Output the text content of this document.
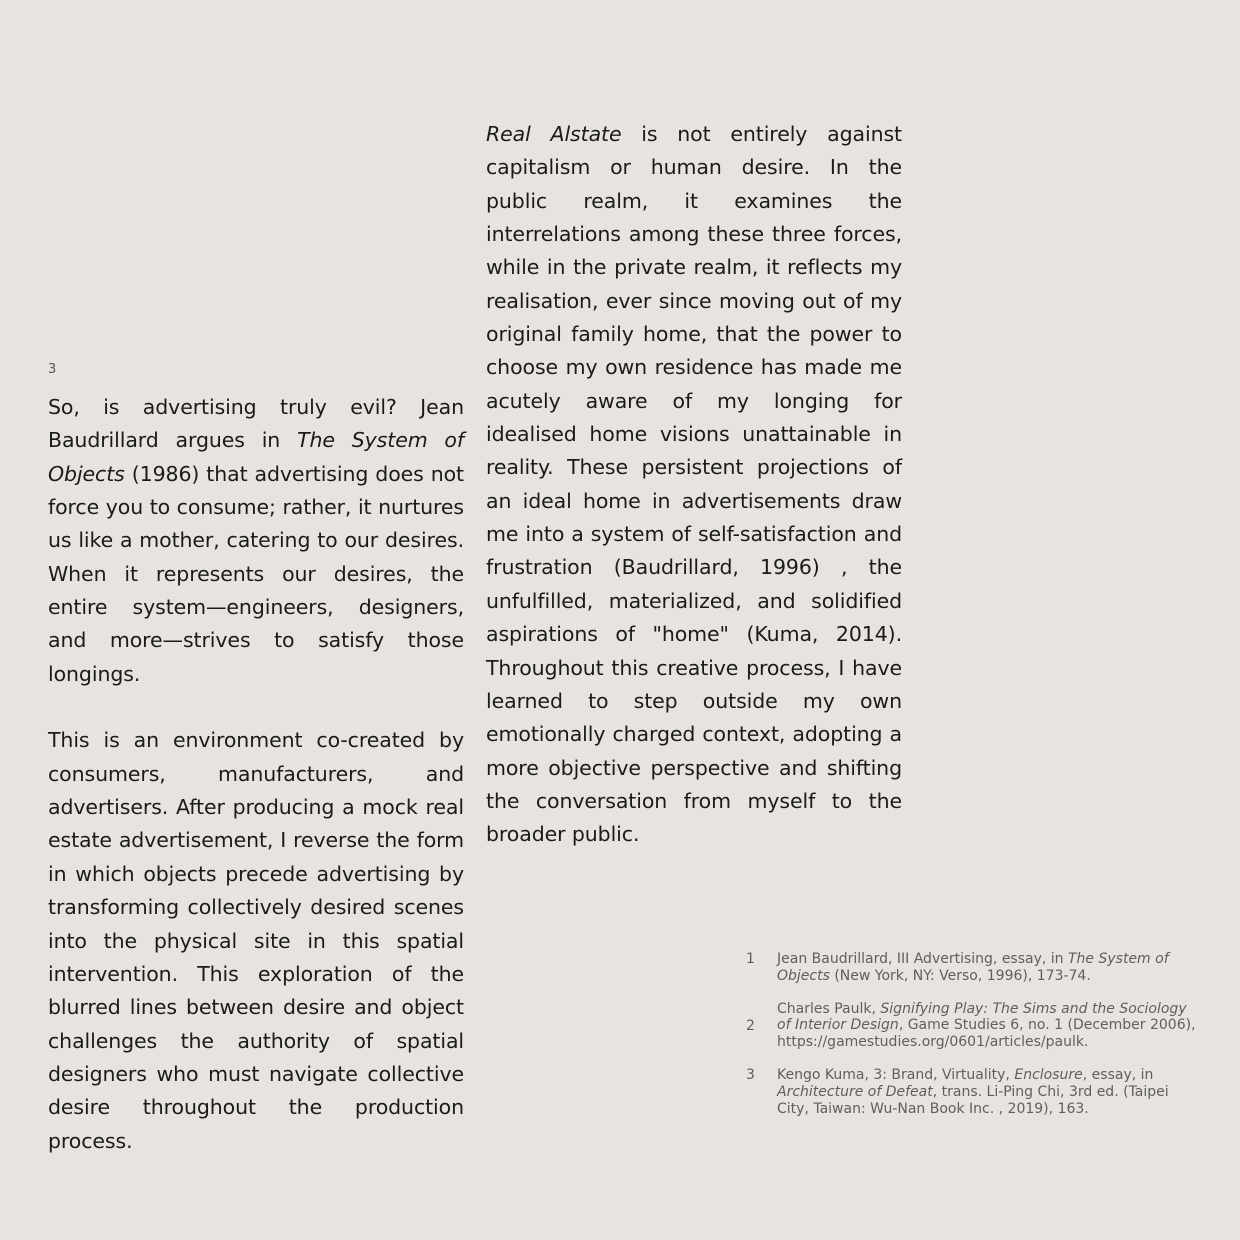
3

So, is advertising truly evil? Jean Baudrillard argues in The System of Objects (1986) that advertising does not force you to consume; rather, it nurtures us like a mother, catering to our desires. When it represents our desires, the entire system—engineers, designers, and more—strives to satisfy those longings.

This is an environment co-created by consumers, manufacturers, and advertisers. After producing a mock real estate advertisement, I reverse the form in which objects precede advertising by transforming collectively desired scenes into the physical site in this spatial intervention. This exploration of the blurred lines between desire and object challenges the authority of spatial designers who must navigate collective desire throughout the production process.

Real Alstate is not entirely against capitalism or human desire. In the public realm, it examines the interrelations among these three forces, while in the private realm, it reflects my realisation, ever since moving out of my original family home, that the power to choose my own residence has made me acutely aware of my longing for idealised home visions unattainable in reality. These persistent projections of an ideal home in advertisements draw me into a system of self-satisfaction and frustration (Baudrillard, 1996) , the unfulfilled, materialized, and solidified aspirations of "home" (Kuma, 2014). Throughout this creative process, I have learned to step outside my own emotionally charged context, adopting a more objective perspective and shifting the conversation from myself to the broader public.

1 Jean Baudrillard, III Advertising, essay, in The System of Objects (New York, NY: Verso, 1996), 173-74.
2
Charles Paulk, Signifying Play: The Sims and the Sociology of Interior Design, Game Studies 6, no. 1 (December 2006), https://gamestudies.org/0601/articles/paulk.
3 Kengo Kuma, 3: Brand, Virtuality, Enclosure, essay, in Architecture of Defeat, trans. Li-Ping Chi, 3rd ed. (Taipei City, Taiwan: Wu-Nan Book Inc. , 2019), 163.
